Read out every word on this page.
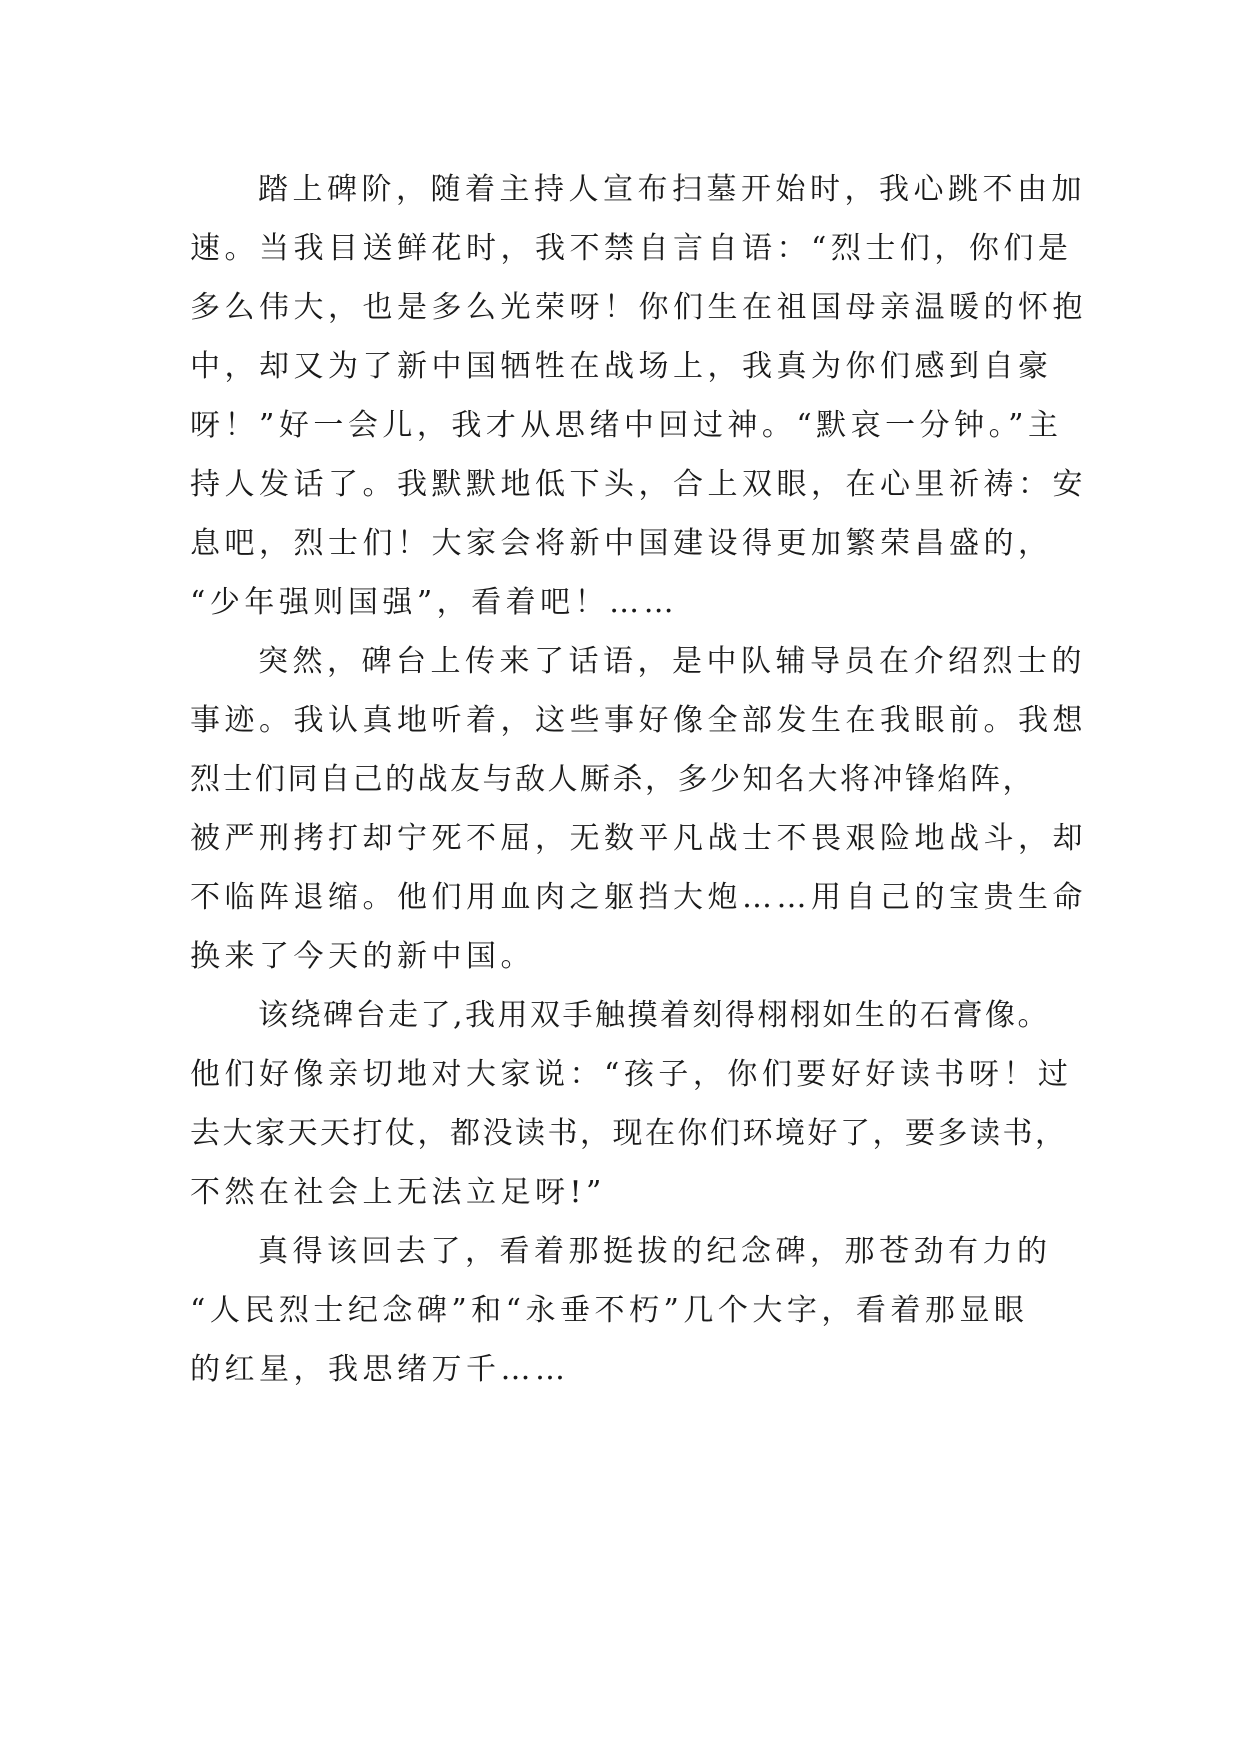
踏上碑阶，随着主持人宣布扫墓开始时，我心跳不由加
速。当我目送鲜花时，我不禁自言自语：“烈士们，你们是
多么伟大，也是多么光荣呀！你们生在祖国母亲温暖的怀抱
中，却又为了新中国牺牲在战场上，我真为你们感到自豪
呀！”好一会儿，我才从思绪中回过神。“默哀一分钟。”主
持人发话了。我默默地低下头，合上双眼，在心里祈祷：安
息吧，烈士们！大家会将新中国建设得更加繁荣昌盛的，
“少年强则国强”，看着吧！……
突然，碑台上传来了话语，是中队辅导员在介绍烈士的
事迹。我认真地听着，这些事好像全部发生在我眼前。我想
烈士们同自己的战友与敌人厮杀，多少知名大将冲锋焰阵，
被严刑拷打却宁死不屈，无数平凡战士不畏艰险地战斗，却
不临阵退缩。他们用血肉之躯挡大炮……用自己的宝贵生命
换来了今天的新中国。
该绕碑台走了,我用双手触摸着刻得栩栩如生的石膏像。
他们好像亲切地对大家说：“孩子，你们要好好读书呀！过
去大家天天打仗，都没读书，现在你们环境好了，要多读书，
不然在社会上无法立足呀!”
真得该回去了，看着那挺拔的纪念碑，那苍劲有力的
“人民烈士纪念碑”和“永垂不朽”几个大字，看着那显眼
的红星，我思绪万千……
